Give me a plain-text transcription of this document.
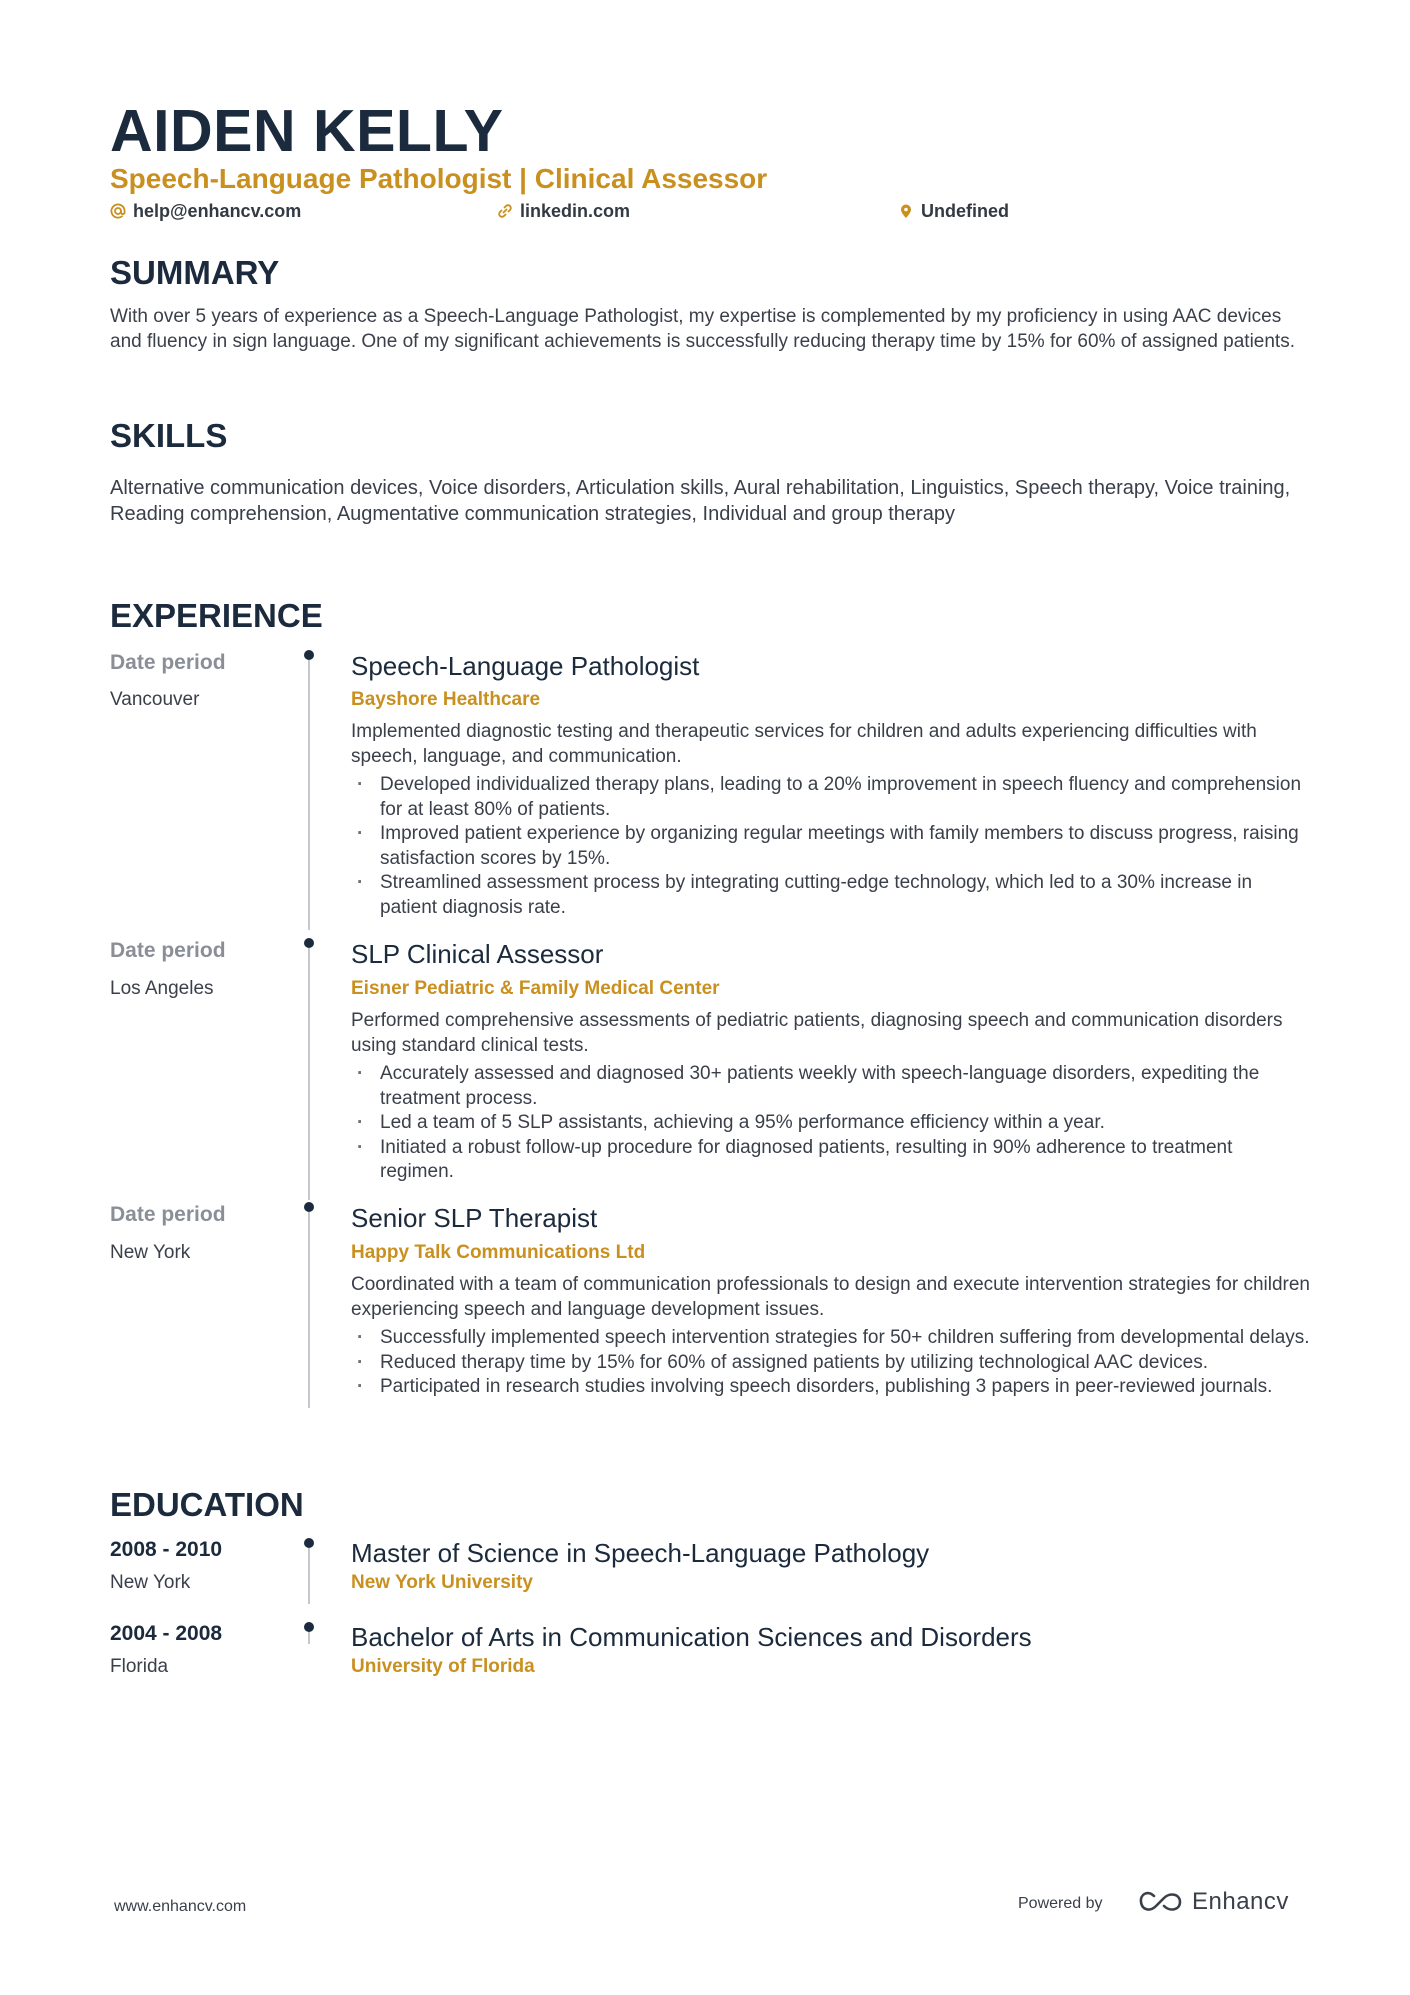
AIDEN KELLY
Speech-Language Pathologist | Clinical Assessor
help@enhancv.com	linkedin.com	Undefined
SUMMARY

With over 5 years of experience as a Speech-Language Pathologist, my expertise is complemented by my proficiency in using AAC devices and fluency in sign language. One of my significant achievements is successfully reducing therapy time by 15% for 60% of assigned patients.

SKILLS

Alternative communication devices, Voice disorders, Articulation skills, Aural rehabilitation, Linguistics, Speech therapy, Voice training, Reading comprehension, Augmentative communication strategies, Individual and group therapy

EXPERIENCE
Date period
Vancouver
Speech-Language Pathologist
Bayshore Healthcare

Implemented diagnostic testing and therapeutic services for children and adults experiencing difficulties with speech, language, and communication.

· Developed individualized therapy plans, leading to a 20% improvement in speech fluency and comprehension for at least 80% of patients.
· Improved patient experience by organizing regular meetings with family members to discuss progress, raising satisfaction scores by 15%.
· Streamlined assessment process by integrating cutting-edge technology, which led to a 30% increase in patient diagnosis rate.
Date period
Los Angeles
SLP Clinical Assessor
Eisner Pediatric & Family Medical Center

Performed comprehensive assessments of pediatric patients, diagnosing speech and communication disorders using standard clinical tests.

· Accurately assessed and diagnosed 30+ patients weekly with speech-language disorders, expediting the treatment process.
· Led a team of 5 SLP assistants, achieving a 95% performance efficiency within a year.
· Initiated a robust follow-up procedure for diagnosed patients, resulting in 90% adherence to treatment regimen.
Date period
New York
Senior SLP Therapist
Happy Talk Communications Ltd

Coordinated with a team of communication professionals to design and execute intervention strategies for children experiencing speech and language development issues.

· Successfully implemented speech intervention strategies for 50+ children suffering from developmental delays.
· Reduced therapy time by 15% for 60% of assigned patients by utilizing technological AAC devices.
· Participated in research studies involving speech disorders, publishing 3 papers in peer-reviewed journals.
EDUCATION
2008 - 2010
New York
Master of Science in Speech-Language Pathology
New York University
2004 - 2008
Florida
Bachelor of Arts in Communication Sciences and Disorders
University of Florida
www.enhancv.com	Powered by	Enhancv
